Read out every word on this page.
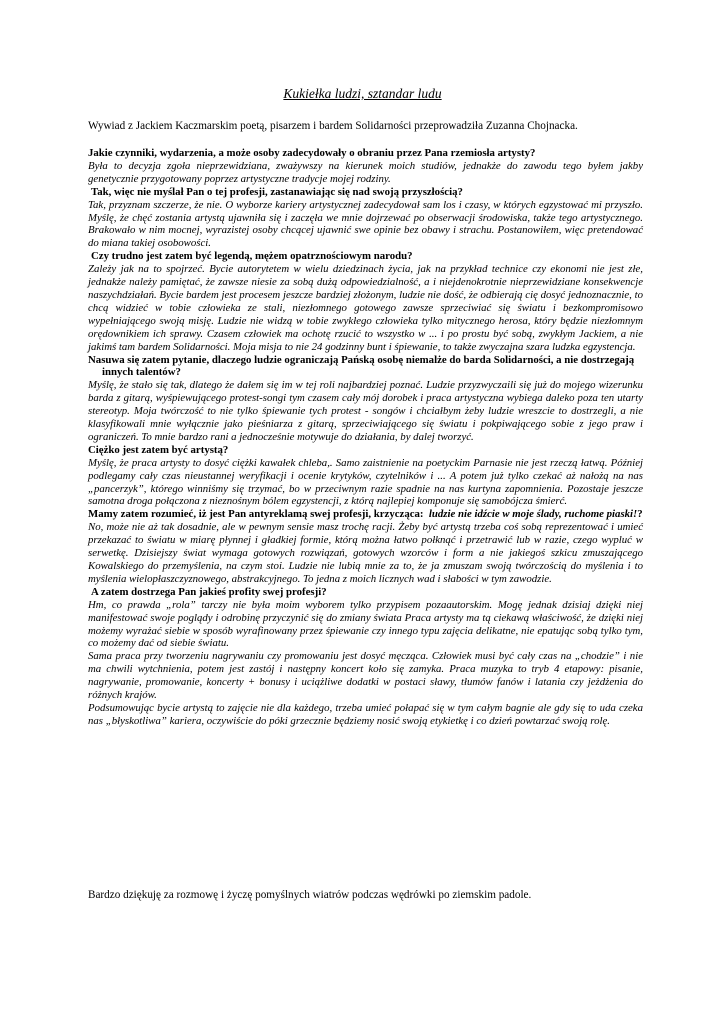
Kukiełka ludzi, sztandar ludu
Wywiad z Jackiem Kaczmarskim poetą, pisarzem i bardem Solidarności przeprowadziła Zuzanna Chojnacka.

Jakie czynniki, wydarzenia, a może osoby zadecydowały o obraniu przez Pana rzemiosła artysty?

Była to decyzja zgoła nieprzewidziana, zważywszy na kierunek moich studiów, jednakże do zawodu tego byłem jakby genetycznie przygotowany poprzez artystyczne tradycje mojej rodziny.

Tak, więc nie myślał Pan o tej profesji, zastanawiając się nad swoją przyszłością?

Tak, przyznam szczerze, że nie. O wyborze kariery artystycznej zadecydował sam los i czasy, w których egzystować mi przyszło. Myślę, że chęć zostania artystą ujawniła się i zaczęła we mnie dojrzewać po obserwacji środowiska, także tego artystycznego. Brakowało w nim mocnej, wyrazistej osoby chcącej ujawnić swe opinie bez obawy i strachu. Postanowiłem, więc pretendować do miana takiej osobowości.

Czy trudno jest zatem być legendą, mężem opatrznościowym narodu?

Zależy jak na to spojrzeć. Bycie autorytetem w wielu dziedzinach życia, jak na przykład technice czy ekonomi nie jest złe, jednakże należy pamiętać, że zawsze niesie za sobą dużą odpowiedzialność, a i niejdenokrotnie nieprzewidziane konsekwencje naszychdziałań. Bycie bardem jest procesem jeszcze bardziej złożonym, ludzie nie dość, że odbierają cię dosyć jednoznacznie, to chcą widzieć w tobie człowieka ze stali, niezłomnego gotowego zawsze sprzeciwiać się światu i bezkompromisowo wypełniającego swoją misję. Ludzie nie widzą w tobie zwykłego człowieka tylko mitycznego herosa, który będzie niezłomnym orędownikiem ich sprawy. Czasem człowiek ma ochotę rzucić to wszystko w ... i po prostu być sobą, zwykłym Jackiem, a nie jakimś tam bardem Solidarności. Moja misja to nie 24 godzinny bunt i śpiewanie, to także zwyczajna szara ludzka egzystencja.

Nasuwa się zatem pytanie, dlaczego ludzie ograniczają Pańską osobę niemalże do barda Solidarności, a nie dostrzegają innych talentów?

Myślę, że stało się tak, dlatego że dałem się im w tej roli najbardziej poznać. Ludzie przyzwyczaili się już do mojego wizerunku barda z gitarą, wyśpiewującego protest-songi tym czasem cały mój dorobek i praca artystyczna wybiega daleko poza ten utarty stereotyp. Moja twórczość to nie tylko śpiewanie tych protest - songów i chciałbym żeby ludzie wreszcie to dostrzegli, a nie klasyfikowali mnie wyłącznie jako pieśniarza z gitarą, sprzeciwiającego się światu i pokpiwającego sobie z jego praw i ograniczeń. To mnie bardzo rani a jednocześnie motywuje do działania, by dalej tworzyć.

Ciężko jest zatem być artystą?

Myślę, że praca artysty to dosyć ciężki kawałek chleba,. Samo zaistnienie na poetyckim Parnasie nie jest rzeczą łatwą. Później podlegamy cały czas nieustannej weryfikacji i ocenie krytyków, czytelników i ... A potem już tylko czekać aż nałożą na nas „pancerzyk”, którego winniśmy się trzymać, bo w przeciwnym razie spadnie na nas kurtyna zapomnienia. Pozostaje jeszcze samotna droga połączona z nieznośnym bólem egzystencji, z którą najlepiej komponuje się samobójcza śmierć.

Mamy zatem rozumieć, iż jest Pan antyreklamą swej profesji, krzycząca: ludzie nie idźcie w moje ślady, ruchome piaski!?

No, może nie aż tak dosadnie, ale w pewnym sensie masz trochę racji. Żeby być artystą trzeba coś sobą reprezentować i umieć przekazać to światu w miarę płynnej i gładkiej formie, którą można łatwo połknąć i przetrawić lub w razie, czego wypluć w serwetkę. Dzisiejszy świat wymaga gotowych rozwiązań, gotowych wzorców i form a nie jakiegoś szkicu zmuszającego Kowalskiego do przemyślenia, na czym stoi. Ludzie nie lubią mnie za to, że ja zmuszam swoją twórczością do myślenia i to myślenia wielopłaszczyznowego, abstrakcyjnego. To jedna z moich licznych wad i słabości w tym zawodzie.

A zatem dostrzega Pan jakieś profity swej profesji?

Hm, co prawda „rola” tarczy nie była moim wyborem tylko przypisem pozaautorskim. Mogę jednak dzisiaj dzięki niej manifestować swoje poglądy i odrobinę przyczynić się do zmiany świata Praca artysty ma tą ciekawą właściwość, że dzięki niej możemy wyrażać siebie w sposób wyrafinowany przez śpiewanie czy innego typu zajęcia delikatne, nie epatując sobą tylko tym, co możemy dać od siebie światu.

Sama praca przy tworzeniu nagrywaniu czy promowaniu jest dosyć męcząca. Człowiek musi być cały czas na „chodzie” i nie ma chwili wytchnienia, potem jest zastój i następny koncert koło się zamyka. Praca muzyka to tryb 4 etapowy: pisanie, nagrywanie, promowanie, koncerty + bonusy i uciążliwe dodatki w postaci sławy, tłumów fanów i latania czy jeżdżenia do różnych krajów.

Podsumowując bycie artystą to zajęcie nie dla każdego, trzeba umieć połapać się w tym całym bagnie ale gdy się to uda czeka nas „błyskotliwa” kariera, oczywiście do póki grzecznie będziemy nosić swoją etykietkę i co dzień powtarzać swoją rolę.

Bardzo dziękuję za rozmowę i życzę pomyślnych wiatrów podczas wędrówki po ziemskim padole.
